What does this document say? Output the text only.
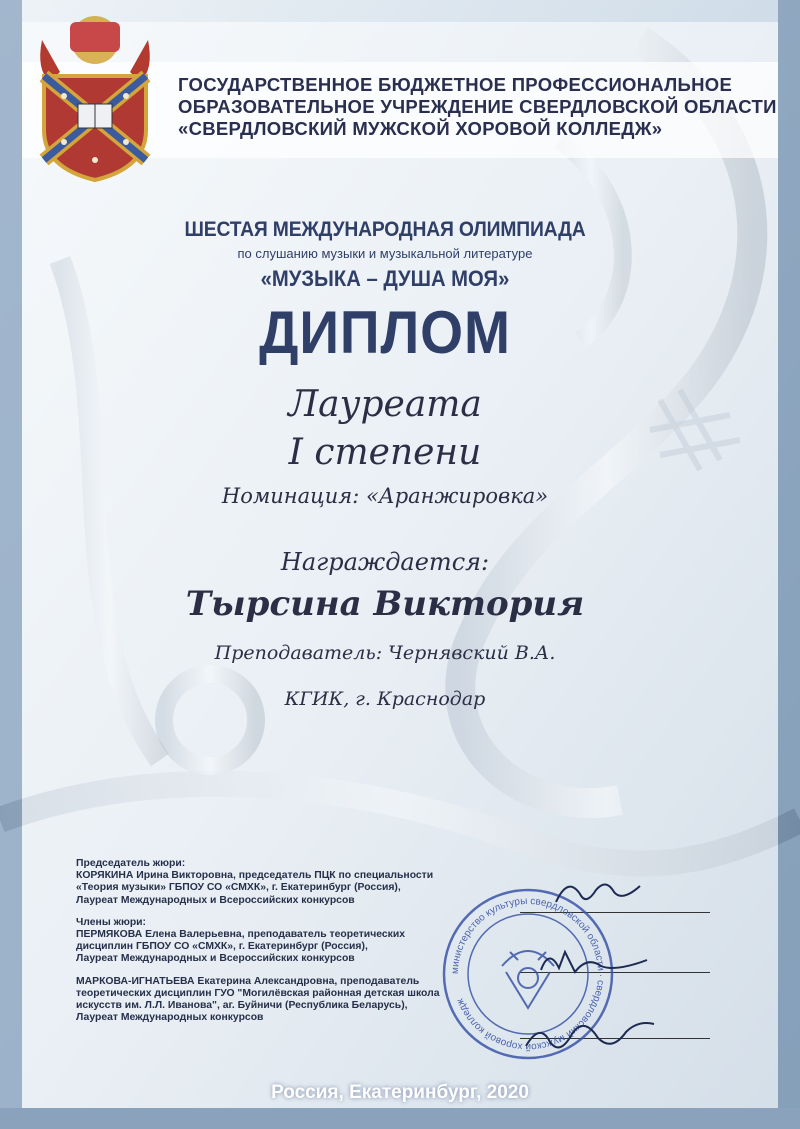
ГОСУДАРСТВЕННОЕ БЮДЖЕТНОЕ ПРОФЕССИОНАЛЬНОЕ
ОБРАЗОВАТЕЛЬНОЕ УЧРЕЖДЕНИЕ СВЕРДЛОВСКОЙ ОБЛАСТИ
«СВЕРДЛОВСКИЙ МУЖСКОЙ ХОРОВОЙ КОЛЛЕДЖ»
ШЕСТАЯ МЕЖДУНАРОДНАЯ ОЛИМПИАДА
по слушанию музыки и музыкальной литературе
«МУЗЫКА – ДУША МОЯ»
ДИПЛОМ
Лауреата
I степени
Номинация: «Аранжировка»
Награждается:
Тырсина Виктория
Преподаватель: Чернявский В.А.
КГИК, г. Краснодар
Председатель жюри:
КОРЯКИНА Ирина Викторовна, председатель ПЦК по специальности
«Теория музыки» ГБПОУ СО «СМХК», г. Екатеринбург (Россия),
Лауреат Международных и Всероссийских конкурсов
Члены жюри:
ПЕРМЯКОВА Елена Валерьевна, преподаватель теоретических
дисциплин ГБПОУ СО «СМХК», г. Екатеринбург (Россия),
Лауреат Международных и Всероссийских конкурсов
МАРКОВА-ИГНАТЬЕВА Екатерина Александровна, преподаватель
теоретических дисциплин ГУО "Могилёвская районная детская школа
искусств им. Л.Л. Иванова", аг. Буйничи (Республика Беларусь),
Лауреат Международных конкурсов
министерство культуры свердловской области · свердловский мужской хоровой колледж
Россия, Екатеринбург, 2020
